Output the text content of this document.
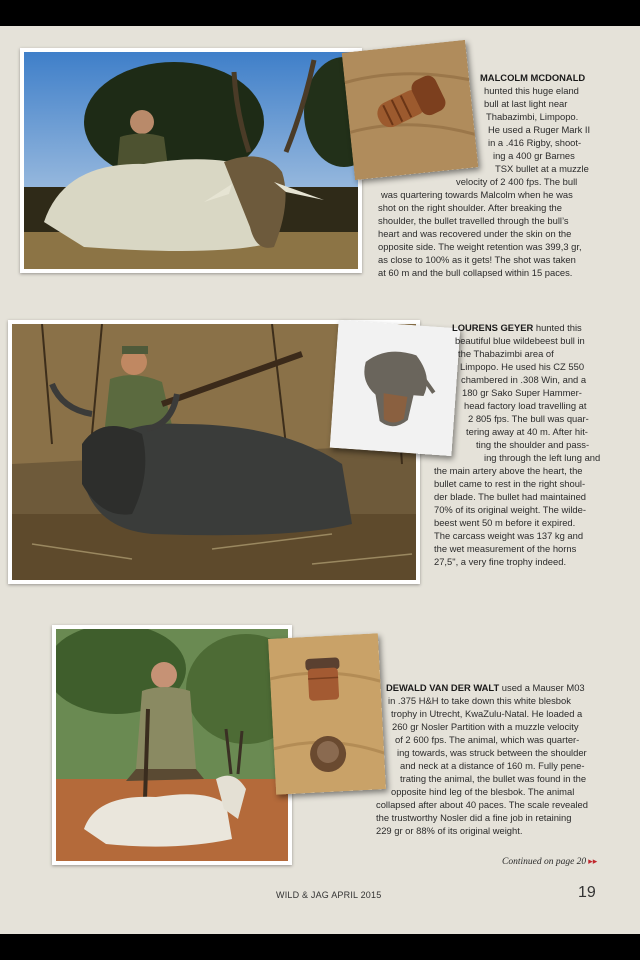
MALCOLM MCDONALD
hunted this huge eland
bull at last light near
Thabazimbi, Limpopo.
He used a Ruger Mark II
in a .416 Rigby, shoot-
ing a 400 gr Barnes
TSX bullet at a muzzle
velocity of 2 400 fps. The bull
was quartering towards Malcolm when he was
shot on the right shoulder. After breaking the
shoulder, the bullet travelled through the bull’s
heart and was recovered under the skin on the
opposite side. The weight retention was 399,3 gr,
as close to 100% as it gets! The shot was taken
at 60 m and the bull collapsed within 15 paces.
LOURENS GEYER hunted this
beautiful blue wildebeest bull in
the Thabazimbi area of
Limpopo. He used his CZ 550
chambered in .308 Win, and a
180 gr Sako Super Hammer-
head factory load travelling at
2 805 fps. The bull was quar-
tering away at 40 m. After hit-
ting the shoulder and pass-
ing through the left lung and
the main artery above the heart, the
bullet came to rest in the right shoul-
der blade. The bullet had maintained
70% of its original weight. The wilde-
beest went 50 m before it expired.
The carcass weight was 137 kg and
the wet measurement of the horns
27,5", a very fine trophy indeed.
DEWALD VAN DER WALT used a Mauser M03
in .375 H&H to take down this white blesbok
trophy in Utrecht, KwaZulu-Natal. He loaded a
260 gr Nosler Partition with a muzzle velocity
of 2 600 fps. The animal, which was quarter-
ing towards, was struck between the shoulder
and neck at a distance of 160 m. Fully pene-
trating the animal, the bullet was found in the
opposite hind leg of the blesbok. The animal
collapsed after about 40 paces. The scale revealed
the trustworthy Nosler did a fine job in retaining
229 gr or 88% of its original weight.
Continued on page 20 ▸▸
WILD & JAG APRIL 2015	19
